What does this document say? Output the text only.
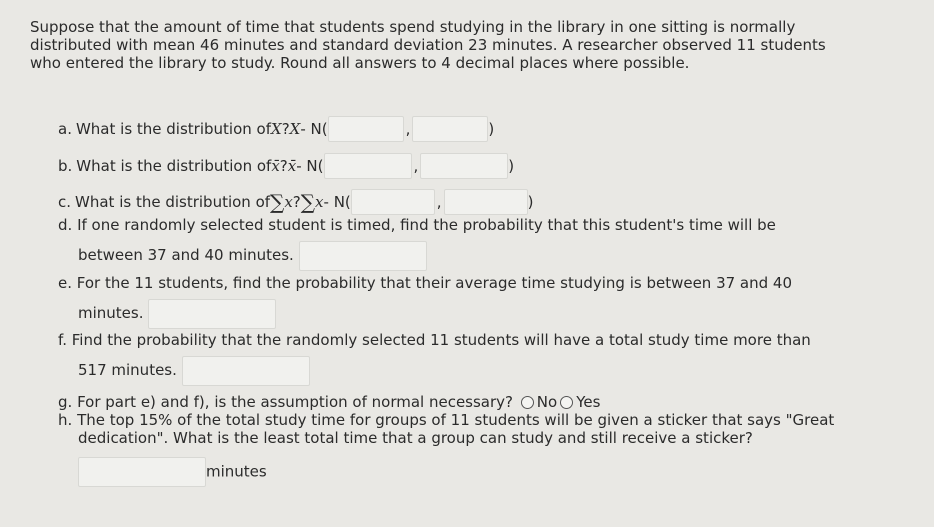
Suppose that the amount of time that students spend studying in the library in one sitting is normally distributed with mean 46 minutes and standard deviation 23 minutes. A researcher observed 11 students who entered the library to study. Round all answers to 4 decimal places where possible.
a. What is the distribution of X ? X - N(	,	)
b. What is the distribution of x̄ ? x̄ - N(	,	)
c. What is the distribution of ∑ x ? ∑ x - N(	,	)
d. If one randomly selected student is timed, find the probability that this student's time will be
between 37 and 40 minutes.
e. For the 11 students, find the probability that their average time studying is between 37 and 40
minutes.
f. Find the probability that the randomly selected 11 students will have a total study time more than
517 minutes.
g. For part e) and f), is the assumption of normal necessary? No Yes
h. The top 15% of the total study time for groups of 11 students will be given a sticker that says "Great
dedication". What is the least total time that a group can study and still receive a sticker?
minutes
